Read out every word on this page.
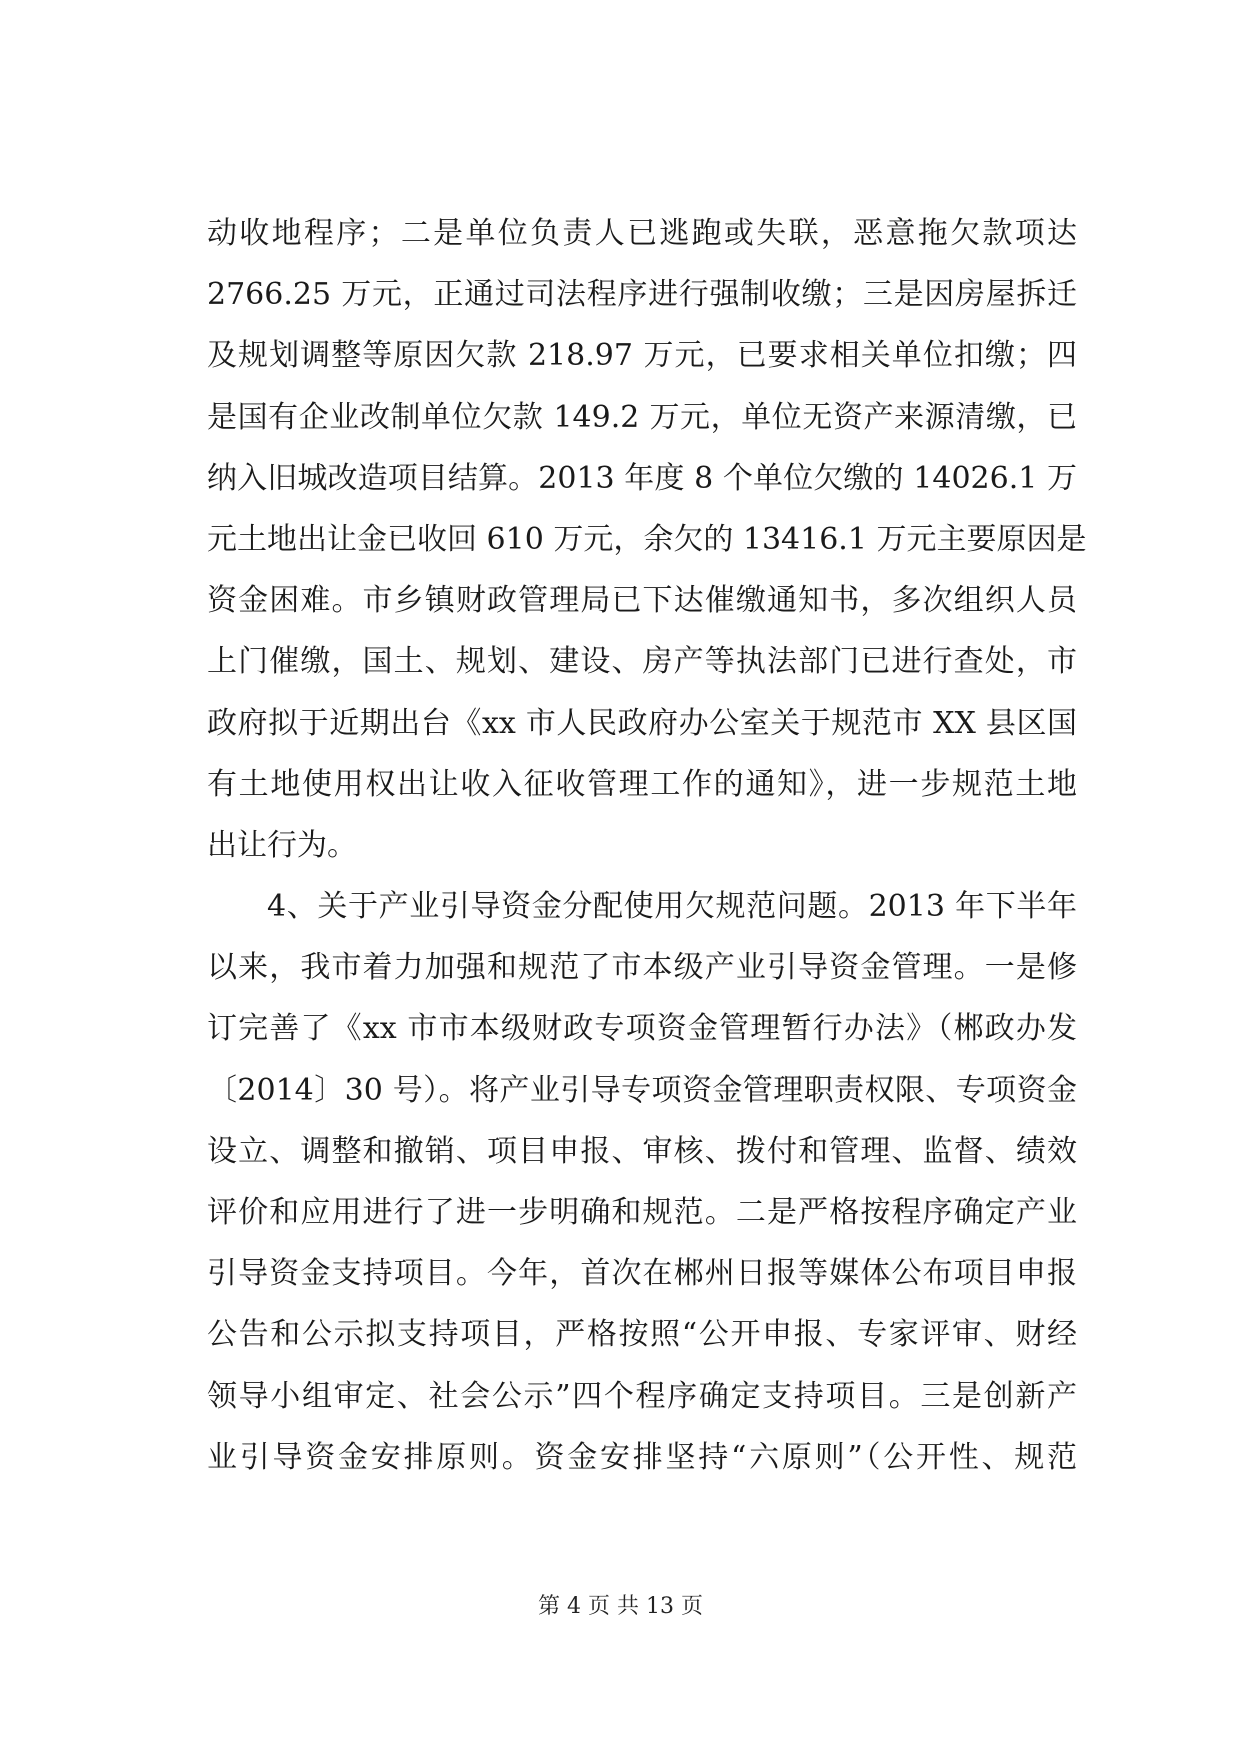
动收地程序；二是单位负责人已逃跑或失联，恶意拖欠款项达
2766.25 万元，正通过司法程序进行强制收缴；三是因房屋拆迁
及规划调整等原因欠款 218.97 万元，已要求相关单位扣缴；四
是国有企业改制单位欠款 149.2 万元，单位无资产来源清缴，已
纳入旧城改造项目结算。2013 年度 8 个单位欠缴的 14026.1 万
元土地出让金已收回 610 万元，余欠的 13416.1 万元主要原因是
资金困难。市乡镇财政管理局已下达催缴通知书，多次组织人员
上门催缴，国土、规划、建设、房产等执法部门已进行查处，市
政府拟于近期出台《xx 市人民政府办公室关于规范市 XX 县区国
有土地使用权出让收入征收管理工作的通知》，进一步规范土地
出让行为。
4、关于产业引导资金分配使用欠规范问题。2013 年下半年
以来，我市着力加强和规范了市本级产业引导资金管理。一是修
订完善了《xx 市市本级财政专项资金管理暂行办法》（郴政办发
〔2014〕30 号）。将产业引导专项资金管理职责权限、专项资金
设立、调整和撤销、项目申报、审核、拨付和管理、监督、绩效
评价和应用进行了进一步明确和规范。二是严格按程序确定产业
引导资金支持项目。今年，首次在郴州日报等媒体公布项目申报
公告和公示拟支持项目，严格按照“公开申报、专家评审、财经
领导小组审定、社会公示”四个程序确定支持项目。三是创新产
业引导资金安排原则。资金安排坚持“六原则”（公开性、规范
第 4 页 共 13 页
